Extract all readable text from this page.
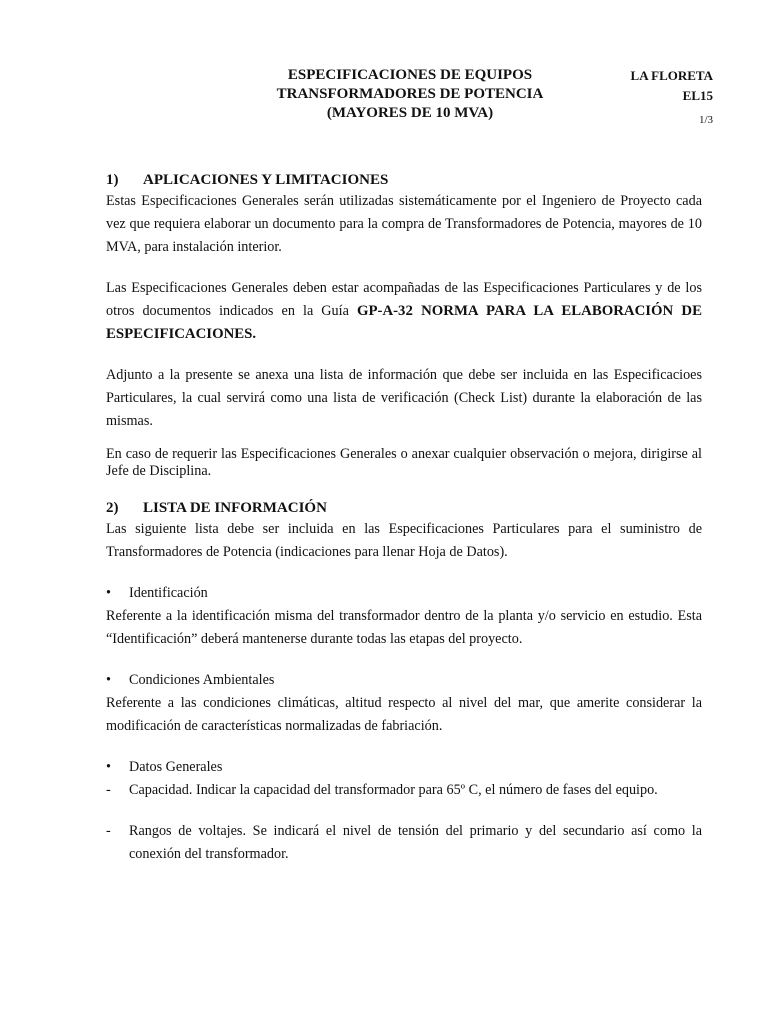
ESPECIFICACIONES DE EQUIPOS
TRANSFORMADORES DE POTENCIA
(MAYORES DE 10 MVA)
LA FLORETA
EL15
1/3
1)	APLICACIONES Y LIMITACIONES

Estas Especificaciones Generales serán utilizadas sistemáticamente por el Ingeniero de Proyecto cada vez que requiera elaborar un documento para la compra de Transformadores de Potencia, mayores de 10 MVA, para instalación interior.

Las Especificaciones Generales deben estar acompañadas de las Especificaciones Particulares y de los otros documentos indicados en la Guía GP-A-32 NORMA PARA LA ELABORACIÓN DE ESPECIFICACIONES.

Adjunto a la presente se anexa una lista de información que debe ser incluida en las Especificacioes Particulares, la cual servirá como una lista de verificación (Check List) durante la elaboración de las mismas.

En caso de requerir las Especificaciones Generales o anexar cualquier observación o mejora, dirigirse al Jefe de Disciplina.

2)	LISTA DE INFORMACIÓN

Las siguiente lista debe ser incluida en las Especificaciones Particulares para el suministro de Transformadores de Potencia (indicaciones para llenar Hoja de Datos).

•	Identificación

Referente a la identificación misma del transformador dentro de la planta y/o servicio en estudio. Esta “Identificación” deberá mantenerse durante todas las etapas del proyecto.

•	Condiciones Ambientales

Referente a las condiciones climáticas, altitud respecto al nivel del mar, que amerite considerar la modificación de características normalizadas de fabriación.

•	Datos Generales
-	Capacidad. Indicar la capacidad del transformador para 65º C, el número de fases del equipo.
-	Rangos de voltajes. Se indicará el nivel de tensión del primario y del secundario así como la conexión del transformador.
